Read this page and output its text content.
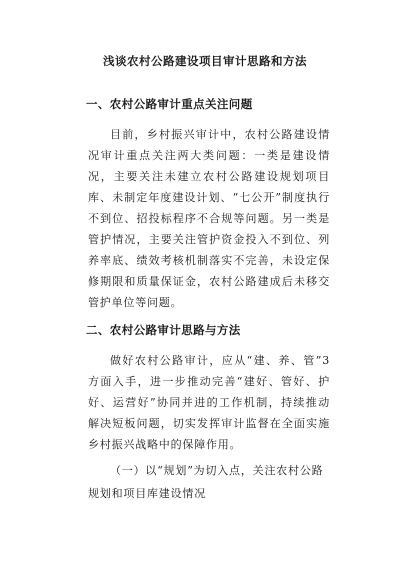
浅谈农村公路建设项目审计思路和方法
一、农村公路审计重点关注问题

目前，乡村振兴审计中，农村公路建设情况审计重点关注两大类问题：一类是建设情况，主要关注未建立农村公路建设规划项目库、未制定年度建设计划、“七公开”制度执行不到位、招投标程序不合规等问题。另一类是管护情况，主要关注管护资金投入不到位、列养率底、绩效考核机制落实不完善，未设定保修期限和质量保证金，农村公路建成后未移交管护单位等问题。

二、农村公路审计思路与方法

做好农村公路审计，应从“建、养、管”3方面入手，进一步推动完善“建好、管好、护好、运营好”协同并进的工作机制，持续推动解决短板问题，切实发挥审计监督在全面实施乡村振兴战略中的保障作用。

（一）以“规划”为切入点，关注农村公路规划和项目库建设情况
